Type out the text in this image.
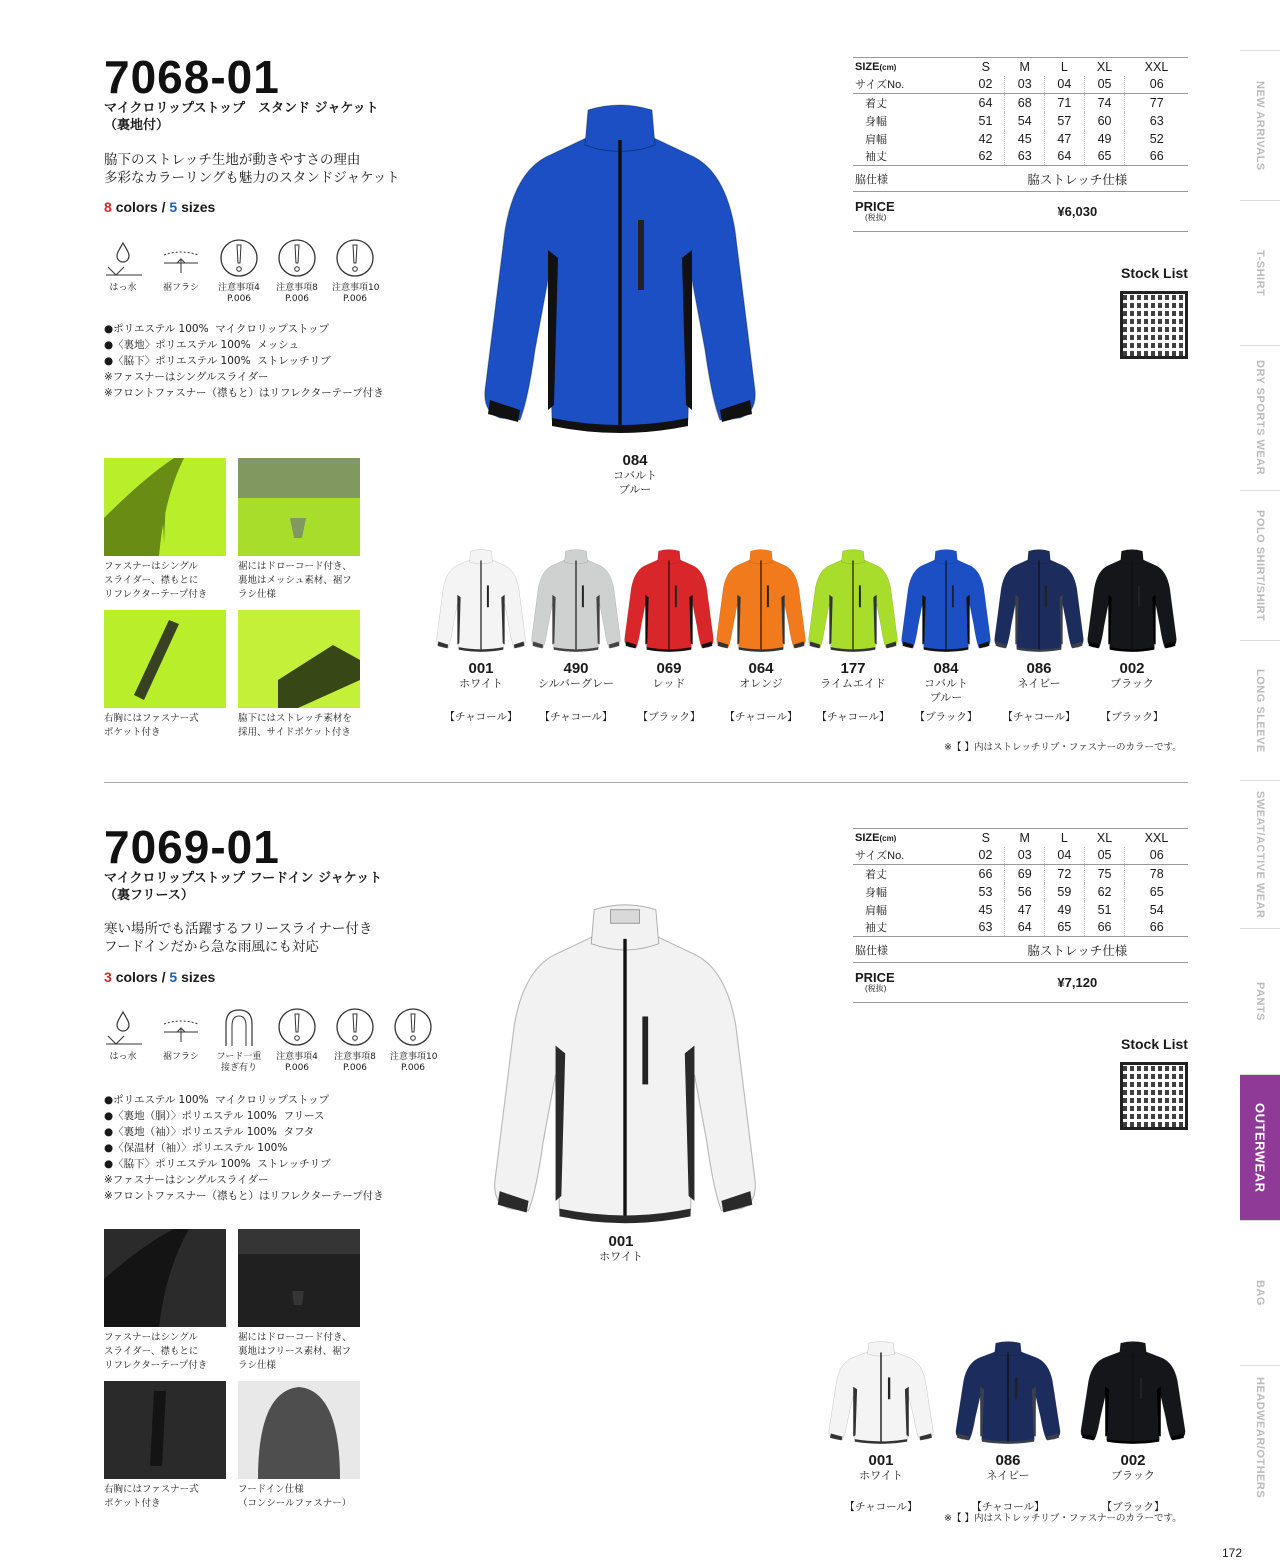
NEW ARRIVALS
T-SHIRT
DRY SPORTS WEAR
POLO SHIRT/SHIRT
LONG SLEEVE
SWEAT/ACTIVE WEAR
PANTS
OUTERWEAR
BAG
HEADWEAR/OTHERS
7068-01
マイクロリップストップ　スタンド ジャケット
（裏地付）
脇下のストレッチ生地が動きやすさの理由
多彩なカラーリングも魅力のスタンドジャケット
8 colors / 5 sizes
はっ水	裾フラシ	注意事項4
P.006
注意事項8
P.006
注意事項10
P.006
●ポリエステル 100%  マイクロリップストップ
●〈裏地〉ポリエステル 100%  メッシュ
●〈脇下〉ポリエステル 100%  ストレッチリブ
※ファスナーはシングルスライダー
※フロントファスナー（襟もと）はリフレクターテープ付き
084
コバルト
ブルー
SIZE(cm)	S	M	L	XL	XXL
サイズNo.	02	03	04	05	06
着丈	64	68	71	74	77
身幅	51	54	57	60	63
肩幅	42	45	47	49	52
袖丈	62	63	64	65	66
脇仕様	脇ストレッチ仕様				

PRICE
(税抜)	¥6,030				
Stock List
ファスナーはシングル
スライダー、襟もとに
リフレクターテープ付き
裾にはドローコード付き、
裏地はメッシュ素材、裾フ
ラシ仕様
右胸にはファスナー式
ポケット付き
脇下にはストレッチ素材を
採用、サイドポケット付き
001
ホワイト
【チャコール】
490
シルバーグレー
【チャコール】
069
レッド
【ブラック】
064
オレンジ
【チャコール】
177
ライムエイド
【チャコール】
084
コバルト
ブルー
【ブラック】
086
ネイビー
【チャコール】
002
ブラック
【ブラック】
※【 】内はストレッチリブ・ファスナーのカラーです。
7069-01
マイクロリップストップ フードイン ジャケット
（裏フリース）
寒い場所でも活躍するフリースライナー付き
フードインだから急な雨風にも対応
3 colors / 5 sizes
はっ水	裾フラシ	フード一重
接ぎ有り
注意事項4
P.006
注意事項8
P.006
注意事項10
P.006
●ポリエステル 100%  マイクロリップストップ
●〈裏地（胴）〉ポリエステル 100%  フリース
●〈裏地（袖）〉ポリエステル 100%  タフタ
●〈保温材（袖）〉ポリエステル 100%
●〈脇下〉ポリエステル 100%  ストレッチリブ
※ファスナーはシングルスライダー
※フロントファスナー（襟もと）はリフレクターテープ付き
001
ホワイト
SIZE(cm)	S	M	L	XL	XXL
サイズNo.	02	03	04	05	06
着丈	66	69	72	75	78
身幅	53	56	59	62	65
肩幅	45	47	49	51	54
袖丈	63	64	65	66	66
脇仕様	脇ストレッチ仕様				

PRICE
(税抜)	¥7,120				
Stock List
ファスナーはシングル
スライダー、襟もとに
リフレクターテープ付き
裾にはドローコード付き、
裏地はフリース素材、裾フ
ラシ仕様
右胸にはファスナー式
ポケット付き
フードイン仕様
（コンシールファスナー）
001
ホワイト
【チャコール】
086
ネイビー
【チャコール】
002
ブラック
【ブラック】
※【 】内はストレッチリブ・ファスナーのカラーです。
172
